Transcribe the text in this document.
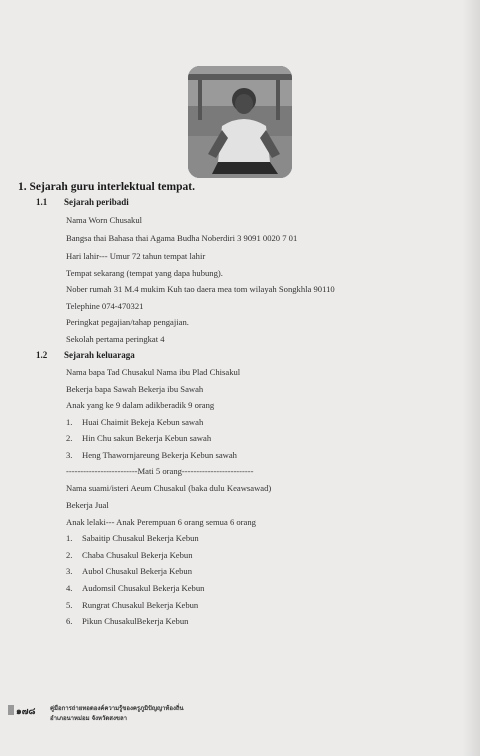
1. Sejarah guru interlektual tempat.
1.1 Sejarah peribadi
Nama Worn Chusakul
Bangsa thai Bahasa thai Agama Budha Noberdiri 3 9091 0020 7 01
Hari lahir--- Umur 72 tahun tempat lahir
Tempat sekarang (tempat yang dapa hubung).
Nober rumah 31 M.4 mukim Kuh tao daera mea tom wilayah Songkhla 90110
Telephine 074-470321
Peringkat pegajian/tahap pengajian.
Sekolah pertama peringkat 4
1.2 Sejarah keluaraga
Nama bapa Tad Chusakul Nama ibu Plad Chisakul
Bekerja bapa Sawah Bekerja ibu Sawah
Anak yang ke 9 dalam adikberadik 9 orang
1. Huai Chaimit Bekeja Kebun sawah
2. Hin Chu sakun Bekerja Kebun sawah
3. Heng Thawornjareung Bekerja Kebun sawah
-------------------------Mati 5 orang-------------------------
Nama suami/isteri Aeum Chusakul (baka dulu Keawsawad)
Bekerja Jual
Anak lelaki--- Anak Perempuan 6 orang semua 6 orang
1. Sabaitip Chusakul Bekerja Kebun
2. Chaba Chusakul Bekerja Kebun
3. Aubol Chusakul Bekerja Kebun
4. Audomsil Chusakul Bekerja Kebun
5. Rungrat Chusakul Bekerja Kebun
6. Pikun ChusakulBekerja Kebun
๑๗๘ คู่มือการถ่ายทอดองค์ความรู้ของครูภูมิปัญญาท้องถิ่น
อำเภอนาหม่อม จังหวัดสงขลา
